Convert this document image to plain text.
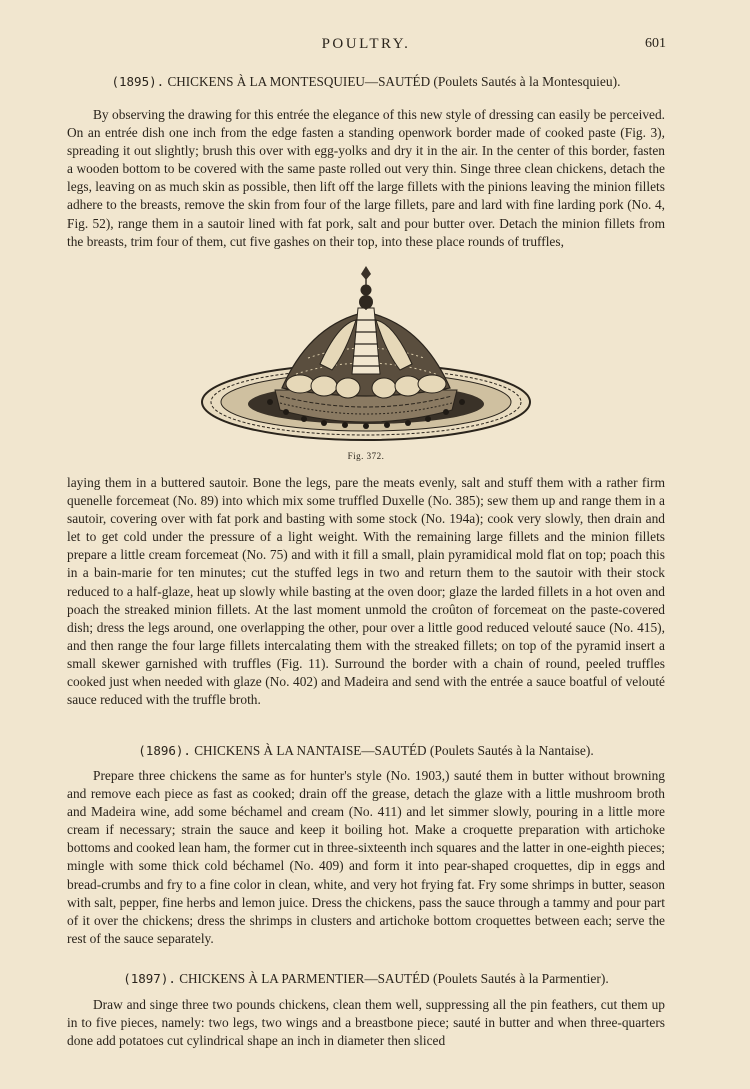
POULTRY.	601
(1895). CHICKENS À LA MONTESQUIEU—SAUTÉD (Poulets Sautés à la Montesquieu).

By observing the drawing for this entrée the elegance of this new style of dressing can easily be perceived. On an entrée dish one inch from the edge fasten a standing openwork border made of cooked paste (Fig. 3), spreading it out slightly; brush this over with egg-yolks and dry it in the air. In the center of this border, fasten a wooden bottom to be covered with the same paste rolled out very thin. Singe three clean chickens, detach the legs, leaving on as much skin as possible, then lift off the large fillets with the pinions leaving the minion fillets adhere to the breasts, remove the skin from four of the large fillets, pare and lard with fine larding pork (No. 4, Fig. 52), range them in a sautoir lined with fat pork, salt and pour butter over. Detach the minion fillets from the breasts, trim four of them, cut five gashes on their top, into these place rounds of truffles,

Fig. 372.

laying them in a buttered sautoir. Bone the legs, pare the meats evenly, salt and stuff them with a rather firm quenelle forcemeat (No. 89) into which mix some truffled Duxelle (No. 385); sew them up and range them in a sautoir, covering over with fat pork and basting with some stock (No. 194a); cook very slowly, then drain and let to get cold under the pressure of a light weight. With the remaining large fillets and the minion fillets prepare a little cream forcemeat (No. 75) and with it fill a small, plain pyramidical mold flat on top; poach this in a bain-marie for ten minutes; cut the stuffed legs in two and return them to the sautoir with their stock reduced to a half-glaze, heat up slowly while basting at the oven door; glaze the larded fillets in a hot oven and poach the streaked minion fillets. At the last moment unmold the croûton of forcemeat on the paste-covered dish; dress the legs around, one overlapping the other, pour over a little good reduced velouté sauce (No. 415), and then range the four large fillets intercalating them with the streaked fillets; on top of the pyramid insert a small skewer garnished with truffles (Fig. 11). Surround the border with a chain of round, peeled truffles cooked just when needed with glaze (No. 402) and Madeira and send with the entrée a sauce boatful of velouté sauce reduced with the truffle broth.

(1896). CHICKENS À LA NANTAISE—SAUTÉD (Poulets Sautés à la Nantaise).

Prepare three chickens the same as for hunter's style (No. 1903,) sauté them in butter without browning and remove each piece as fast as cooked; drain off the grease, detach the glaze with a little mushroom broth and Madeira wine, add some béchamel and cream (No. 411) and let simmer slowly, pouring in a little more cream if necessary; strain the sauce and keep it boiling hot. Make a croquette preparation with artichoke bottoms and cooked lean ham, the former cut in three-sixteenth inch squares and the latter in one-eighth pieces; mingle with some thick cold béchamel (No. 409) and form it into pear-shaped croquettes, dip in eggs and bread-crumbs and fry to a fine color in clean, white, and very hot frying fat. Fry some shrimps in butter, season with salt, pepper, fine herbs and lemon juice. Dress the chickens, pass the sauce through a tammy and pour part of it over the chickens; dress the shrimps in clusters and artichoke bottom croquettes between each; serve the rest of the sauce separately.

(1897). CHICKENS À LA PARMENTIER—SAUTÉD (Poulets Sautés à la Parmentier).

Draw and singe three two pounds chickens, clean them well, suppressing all the pin feathers, cut them up in to five pieces, namely: two legs, two wings and a breastbone piece; sauté in butter and when three-quarters done add potatoes cut cylindrical shape an inch in diameter then sliced
